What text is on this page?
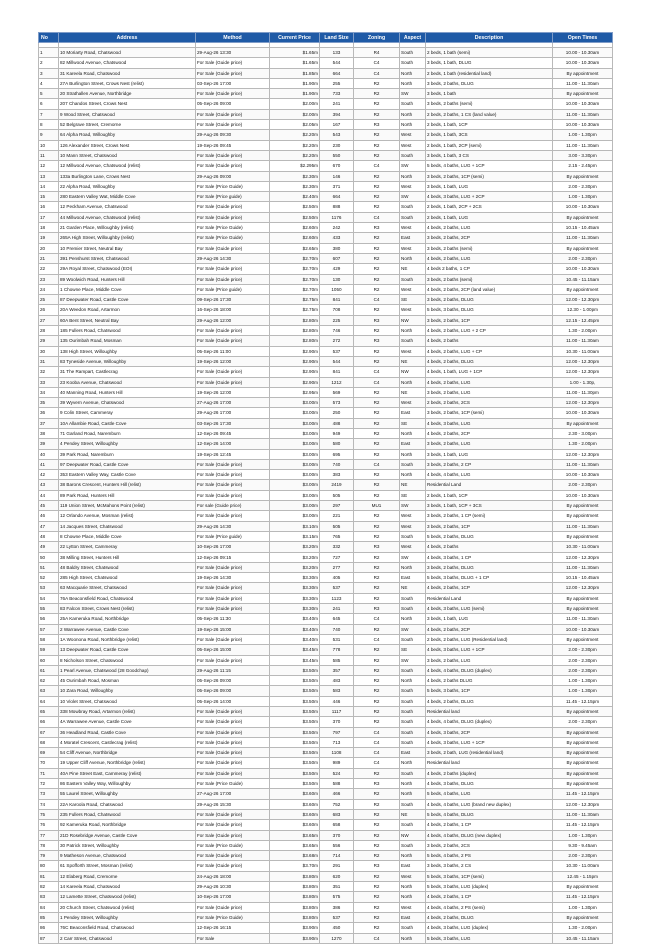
No	Address	Method	Current Price	Land Size	Zoning	Aspect	Description	Open Times

1	10 Moriarty Road, Chatswood	29-Aug-26 13:30	$1.65m	133	R4	South	2 beds, 1 bath (semi)	10.00 - 10.30am
2	82 Millwood Avenue, Chatswood	For Sale (Guide price)	$1.65m	544	C4	South	3 beds, 1 bath, DLUG	10.00 - 10.30am
3	31 Kareela Road, Chatswood	For Sale (Guide price)	$1.85m	664	C4	North	2 beds, 1 bath (residential land)	By appointment
4	27A Burlington Street, Crows Nest (relist)	03-Sep-26 17:00	$1.90m	255	R2	North	3 beds, 2 baths, DLUG	11.00 - 11.30am
5	20 Strathallen Avenue, Northbridge	For Sale (Guide price)	$1.90m	733	R2	SW	3 beds, 1 bath	By appointment
6	207 Chandos Street, Crows Nest	05-Sep-26 09:00	$2.00m	241	R2	South	3 beds, 2 baths (semi)	10.00 - 10.30am
7	9 Wood Street, Chatswood	For Sale (Guide price)	$2.00m	394	R2	North	2 beds, 2 baths, 1 CS (land value)	11.00 - 11.30am
8	52 Belgrave Street, Cremorne	For Sale (Guide price)	$2.05m	167	R3	North	2 beds, 1 bath, 1CP	10.00 - 10.30am
9	64 Alpha Road, Willoughby	29-Aug-26 09:30	$2.20m	543	R2	West	2 beds, 1 bath, 3CS	1.00 - 1.30pm
10	126 Alexander Street, Crows Nest	19-Sep-26 09:45	$2.20m	230	R2	West	2 beds, 1 bath, 2CP (semi)	11.00 - 11.30am
11	10 Mann Street, Chatswood	For Sale (Guide price)	$2.20m	550	R2	South	3 beds, 1 bath, 3 CS	3.00 - 3.30pm
12	12 Millwood Avenue, Chatswood (relist)	For Sale (Guide price)	$2.295m	670	C4	SW	5 beds, 4 baths, LUG + 1CP	2.15 - 2.45pm
13	133a Burlington Lane, Crows Nest	29-Aug-26 09:00	$2.30m	146	R2	North	3 beds, 2 baths, 1CP (semi)	By appointment
14	22 Alpha Road, Willoughby	For Sale (Price Guide)	$2.30m	371	R2	West	3 beds, 1 bath, LUG	2.00 - 2.30pm
15	280 Eastern Valley Wat, Middle Cove	For Sale (Price guide)	$2.40m	664	R2	SW	4 beds, 3 baths, LUG + 2CP	1.00 - 1.30pm
16	12 Peckham Avenue, Chatswood	For Sale (Guide price)	$2.50m	888	R2	South	2 beds, 1 bath, 2CP + 2CS	10.00 - 10.30am
17	44 Millwood Avenue, Chatswood (relist)	For Sale (Guide price)	$2.50m	1176	C4	South	2 beds, 1 bath, LUG	By appointment
18	21 Garden Place, Willoughby (relist)	For Sale (Price Guide)	$2.60m	242	R3	West	4 beds, 2 baths, LUG	10.15 - 10.45am
19	265A High Street, Willoughby (relist)	For Sale (Price Guide)	$2.60m	433	R2	East	3 beds, 2 baths, 2CP	11.00 - 11.30am
20	10 Premier Street, Neutral Bay	For Sale (Guide price)	$2.65m	380	R2	West	3 beds, 2 baths (semi)	By appointment
21	391 Penshurst Street, Chatswood	29-Aug-26 14:30	$2.70m	607	R2	North	4 beds, 2 baths, LUG	2.00 - 2.30pm
22	29A Royal Street, Chatswood (EOI)	For Sale (Guide price)	$2.70m	429	R2	NE	4 beds 2 baths, 1 CP	10.00 - 10.30am
23	89 Woolwich Road, Hunters Hill	For Sale (Guide price)	$2.70m	130	R2	South	3 beds, 2 baths (semi)	10.45 - 11.15am
24	1 Chowne Place, Middle Cove	For Sale (Price guide)	$2.70m	1050	R2	West	4 beds, 2 baths, 2CP (land value)	By appointment
25	87 Deepwater Road, Castle Cove	09-Sep-26 17:30	$2.75m	841	C4	SE	3 beds, 2 baths, DLUG	12.00 - 12.30pm
26	20A Weedon Road, Artarmon	16-Sep-26 18:00	$2.75m	708	R2	West	5 beds, 3 baths, DLUG	12.30 - 1.00pm
27	60A Bent Street, Neutral Bay	29-Aug-26 12:00	$2.80m	225	R3	NW	3 beds, 2 baths, 1CP	12.15 - 12.45pm
28	185 Fullers Road, Chatswood	For Sale (Guide price)	$2.80m	746	R2	North	4 beds, 2 baths, LUG + 2 CP	1.30 - 2.00pm
29	135 Ourimbah Road, Mosman	For Sale (Guide price)	$2.80m	272	R3	South	4 beds, 2 baths	11.00 - 11.30am
30	138 High Street, Willoughby	05-Sep-26 11:00	$2.90m	537	R2	West	4 beds, 2 baths, LUG + CP	10.30 - 11.00am
31	83 Tyneside Avenue, Willoughby	19-Sep-26 12:00	$2.90m	544	R2	NE	4 beds, 2 baths, DLUG	12.00 - 12.30pm
32	31 The Rampart, Castlecrag	For Sale (Guide price)	$2.90m	841	C4	NW	4 beds, 1 bath, LUG + 1CP	12.00 - 12.30pm
33	23 Kooba Avenue, Chatswood	For Sale (Guide price)	$2.90m	1212	C4	North	4 beds, 2 baths, LUG	1.00 - 1.30p,
34	40 Manning Road, Hunters Hill	19-Sep-26 12:00	$2.95m	569	R2	NE	3 beds, 2 baths, LUG	11.00 - 11.30pm
35	39 Wyvern Avenue, Chatswood	27-Aug-26 17:00	$3.00m	573	R2	West	2 beds, 2 baths, 2CS	12.00 - 12.30pm
36	9 Colin Street, Cammeray	29-Aug-26 17:00	$3.00m	250	R2	East	3 beds, 2 baths, 1CP (semi)	10.00 - 10.30am
37	10A Allambie Road, Castle Cove	03-Sep-26 17:30	$3.00m	488	R2	SE	4 beds, 3 baths, LUG	By appointment
38	71 Garland Road, Naremburn	12-Sep-26 09:45	$3.00m	949	R2	North	4 beds, 2 baths, 2CP	2.30 - 3.00pm
39	4 Pendey Street, Willoughby	12-Sep-26 14:00	$3.00m	580	R2	East	3 beds, 2 baths, LUG	1.30 - 2.00pm
40	39 Park Road, Naremburn	19-Sep-26 12:45	$3.00m	695	R2	North	3 beds, 1 bath, LUG	12.00 - 12.30pm
41	97 Deepwater Road, Castle Cove	For Sale (Guide price)	$3.00m	740	C4	South	3 beds, 2 baths, 2 CP	11.00 - 11.30am
42	353 Eastern Valley Way, Castle Cove	For Sale (Guide price)	$3.00m	383	R2	North	4 beds, 4 baths, LUG	10.00 - 10.30am
43	38 Barons Crescent, Hunters Hill (relist)	For Sale (Guide price)	$3.00m	2419	R2	NE	Residential Land	2.00 - 2.30pm
44	89 Park Road, Hunters Hill	For Sale (Guide price)	$3.00m	505	R2	SE	2 beds, 1 bath, 1CP	10.00 - 10.30am
45	119 Union Street, McMahons Point (relist)	For sale (Guide price)	$3.00m	297	MU1	SW	3 beds, 1 bath, 1CP + 3CS	By appointment
46	12 Orlando Avenue, Mosman (relist)	For Sale (Guide price)	$3.00m	221	R2	West	3 beds, 2 baths, 1 CP (semi)	By appointment
47	14 Jacques Street, Chatswood	29-Aug-26 14:30	$3.10m	505	R2	West	3 beds, 2 baths, 1CP	11.00 - 11.30am
48	8 Chowne Place, Middle Cove	For Sale (Price guide)	$3.15m	765	R2	South	5 beds, 2 baths, DLUG	By appointment
49	22 Lytton Street, Cammeray	10-Sep-26 17:00	$3.20m	332	R3	West	4 beds, 2 baths	10.30 - 11.00am
50	38 Milling Street, Hunters Hill	12-Sep-26 09:15	$3.20m	727	R2	SW	4 beds, 3 baths, 1 CP	12.00 - 12.30pm
51	48 Baldry Street, Chatswood	For Sale (Guide price)	$3.20m	277	R2	North	3 beds, 2 baths, DLUG	11.00 - 11.30am
52	285 High Street, Chatswood	19-Sep-26 14:30	$3.30m	405	R2	East	5 beds, 3 baths, DLUG + 1 CP	10.15 - 10.45am
53	63 Macquarie Street, Chatswood	For Sale (Guide price)	$3.30m	537	R2	NE	4 beds, 2 baths, 1CP	12.00 - 12.30pm
54	76A Beaconsfield Road, Chatswood	For Sale (Guide price)	$3.30m	1123	R2	South	Residential Land	By appointment
55	83 Falcon Street, Crows Nest (relist)	For Sale (Guide price)	$3.30m	241	R3	South	4 beds, 3 baths, LUG (semi)	By appointment
56	25A Kameruka Road, Northbridge	05-Sep-26 11:30	$3.40m	645	C4	North	3 beds, 1 bath, LUG	11.00 - 11.30am
57	2 Warrawee Avenue, Castle Cove	19-Sep-26 15:00	$3.40m	740	R2	SW	4 beds, 2 baths, 2CP	10.00 - 10.30am
58	1A Woonona Road, Northbridge (relist)	For Sale (Guide price)	$3.40m	531	C4	South	2 beds, 2 baths, LUG (Residential land)	By appointment
59	13 Deepwater Road, Castle Cove	05-Sep-26 15:00	$3.45m	778	R2	SE	4 beds, 3 baths, LUG + 1CP	2.00 - 2.30pm
60	8 Nicholson Street, Chatswood	For Sale (Guide price)	$3.45m	585	R2	SW	3 beds, 2 baths, LUG	2.00 - 2.30pm
61	1 Pearl Avenue, Chatswood (28 Goodchap)	29-Aug-26 11:15	$3.50m	357	R2	South	4 beds, 4 baths, DLUG (duplex)	2.00 - 2.30pm
62	45 Ourimbah Road, Mosman	05-Sep-26 09:00	$3.50m	483	R2	North	4 beds, 2 baths DLUG	1.00 - 1.30pm
63	10 Zara Road, Willoughby	05-Sep-26 09:00	$3.50m	583	R2	South	5 beds, 3 baths, 1CP	1.00 - 1.30pm
64	10 Violet Street, Chatswood	05-Sep-26 14:00	$3.50m	446	R2	South	4 beds, 2 baths, DLUG	11.45 - 12.15pm
65	338 Mowbray Road, Artarmon (relist)	For Sale (Guide price)	$3.50m	1117	R2	South	Residential land	By appointment
66	4A Warrawee Avenue, Castle Cove	For Sale (Guide price)	$3.50m	370	R2	South	4 beds, 4 baths, DLUG (duplex)	2.00 - 2.30pm
67	36 Headland Road, Castle Cove	For Sale (Guide price)	$3.50m	797	C4	South	4 beds, 3 baths, 2CP	By appointment
68	4 Moratel Crescent, Castlecrag (relist)	For Sale (Guide price)	$3.50m	713	C4	South	4 beds, 3 baths, LUG + 1CP	By appointment
69	54 Cliff Avenue, Northbridge	For Sale (Guide price)	$3.50m	1108	C4	East	3 beds, 2 bath, LUG (residential land)	By appointment
70	19 Upper Cliff Avenue, Northbridge (relist)	For Sale (Guide price)	$3.50m	989	C4	North	Residential land	By appointment
71	40A Pine Street East, Cammeray (relist)	For Sale (Guide price)	$3.50m	524	R2	South	4 beds, 2 baths (duplex)	By appointment
72	86 Eastern Valley Way, Willoughby	For Sale (Price Guide)	$3.50m	588	R3	North	4 beds, 3 baths, DLUG	By appointment
73	55 Laurel Street, Willoughby	27-Aug-26 17:00	$3.60m	466	R2	North	5 beds, 4 baths, LUG	11.45 - 12.15pm
74	22A Karoola Road, Chatswood	29-Aug-26 15:30	$3.60m	752	R2	South	4 beds, 4 baths, LUG (brand new duplex)	12.00 - 12.30pm
75	235 Fullers Road, Chatswood	For Sale (Guide price)	$3.60m	683	R2	NE	5 beds, 4 baths, DLUG	11.00 - 11.30am
76	92 Kameruka Road, Northbridge	For Sale (Guide price)	$3.60m	658	R2	South	4 beds, 2 baths, 1 CP	11.45 - 12.15pm
77	21D Rosebridge Avenue, Castle Cove	For Sale (Guide price)	$3.65m	370	R2	NW	4 beds, 4 baths, DLUG (new duplex)	1.00 - 1.30pm
78	30 Patrick Street, Willoughby	For Sale (Price Guide)	$3.65m	556	R2	South	3 beds, 2 baths, 2CS	9.30 - 9.45am
79	9 Matheson Avenue, Chatswood	For Sale (Guide price)	$3.68m	714	R2	North	5 beds, 4 baths, 2 PS	2.00 - 2.30pm
80	61 Spofforth Street, Mosman (relist)	For Sale (Guide price)	$3.70m	291	R3	East	3 beds, 3 baths, 2 CS	10.30 - 11.00am
81	12 Elaberg Road, Cremorne	24-Aug-26 18:00	$3.80m	620	R2	West	5 beds, 3 baths, 1CP (semi)	12.45 - 1.15pm
82	14 Kareela Road, Chatswood	29-Aug-26 10:30	$3.80m	351	R2	North	5 beds, 3 baths, LUG (duplex)	By appointment
83	12 Lamette Street, Chatswood (relist)	10-Sep-26 17:00	$3.80m	575	R2	North	4 beds, 2 baths, 1 CP	11.45 - 12.15pm
84	20 Church Street, Chatswood (relist)	For Sale (Guide price)	$3.80m	386	R2	West	4 beds, 4 baths, 2 PS (semi)	1.00 - 1.30pm
85	1 Pendey Street, Willoughby	For Sale (Price Guide)	$3.80m	537	R2	East	4 beds, 2 baths, DLUG	By appointment
86	76C Beaconsfield Road, Chatswood	12-Sep-26 16:15	$3.90m	450	R2	South	4 beds, 3 baths, LUG (duplex)	1.30 - 2.00pm
87	2 Carr Street, Chatswood	For Sale	$3.90m	1270	C4	North	5 beds, 3 baths, LUG	10.45 - 11.15am
